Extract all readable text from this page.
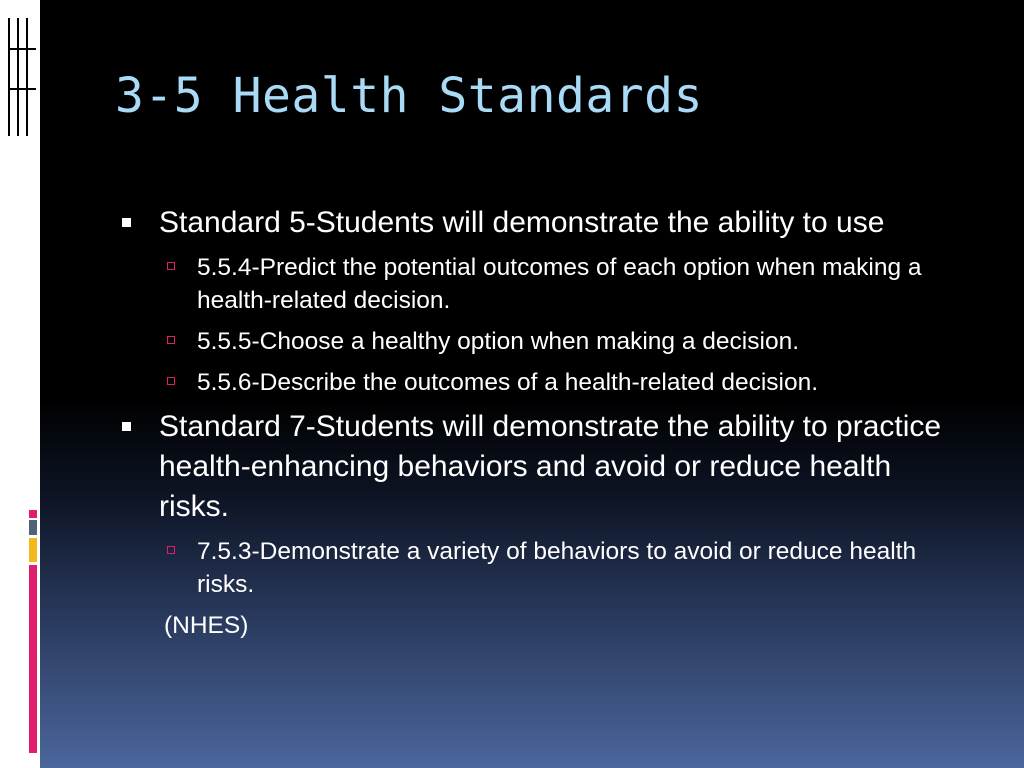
3-5 Health Standards
Standard 5-Students will demonstrate the ability to use
5.5.4-Predict the potential outcomes of each option when making a health-related decision.
5.5.5-Choose a healthy option when making a decision.
5.5.6-Describe the outcomes of a health-related decision.
Standard 7-Students will demonstrate the ability to practice health-enhancing behaviors and avoid or reduce health risks.
7.5.3-Demonstrate a variety of behaviors to avoid or reduce health risks.
(NHES)
